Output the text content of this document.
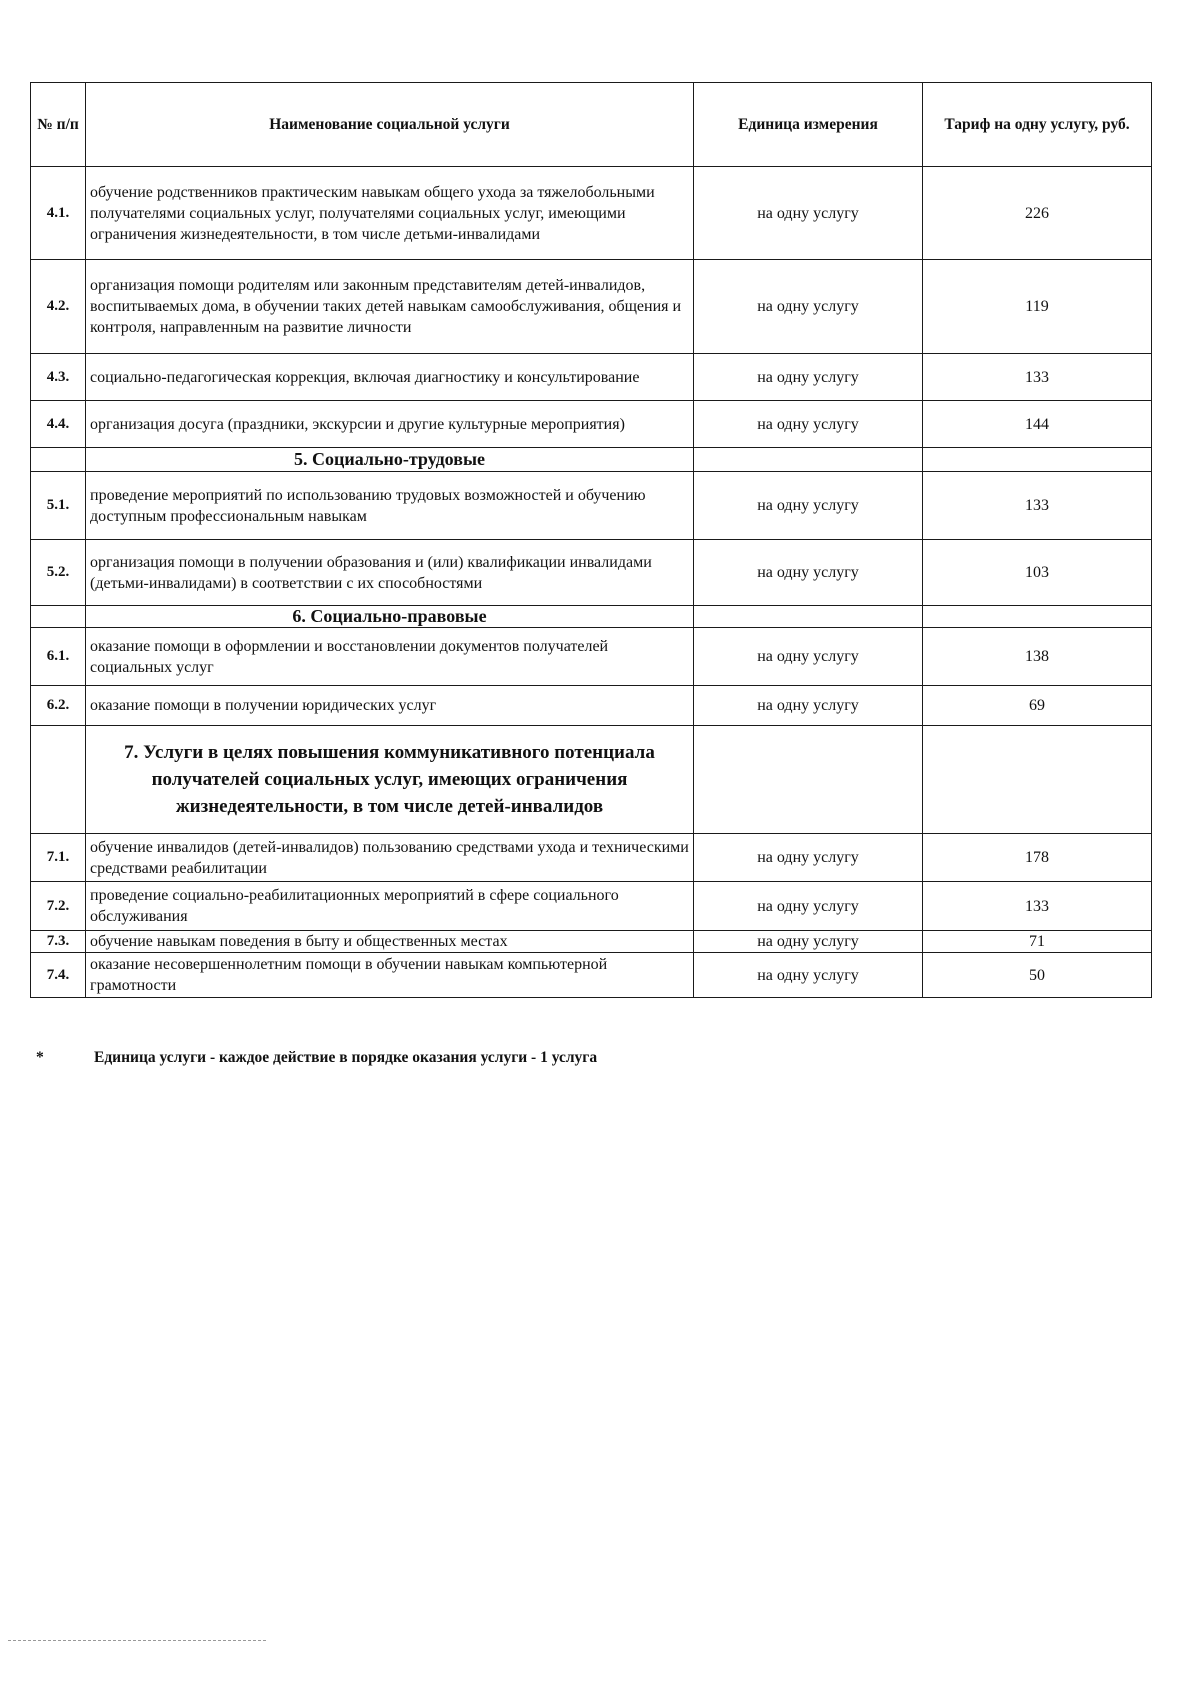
№ п/п	Наименование социальной услуги	Единица измерения	Тариф на одну услугу, руб.
4.1.	обучение родственников практическим навыкам общего ухода за тяжелобольными получателями социальных услуг, получателями социальных услуг, имеющими ограничения жизнедеятельности, в том числе детьми-инвалидами	на одну услугу	226
4.2.	организация помощи родителям или законным представителям детей-инвалидов, воспитываемых дома, в обучении таких детей навыкам самообслуживания, общения и контроля, направленным на развитие личности	на одну услугу	119
4.3.	социально-педагогическая коррекция, включая диагностику и консультирование	на одну услугу	133
4.4.	организация досуга (праздники, экскурсии и другие культурные мероприятия)	на одну услугу	144
	5. Социально-трудовые		
5.1.	проведение мероприятий по использованию трудовых возможностей и обучению доступным профессиональным навыкам	на одну услугу	133
5.2.	организация помощи в получении образования и (или) квалификации инвалидами (детьми-инвалидами) в соответствии с их способностями	на одну услугу	103
	6. Социально-правовые		
6.1.	оказание помощи в оформлении и восстановлении документов получателей социальных услуг	на одну услугу	138
6.2.	оказание помощи в получении юридических услуг	на одну услугу	69
	7. Услуги в целях повышения коммуникативного потенциала получателей социальных услуг, имеющих ограничения жизнедеятельности, в том числе детей-инвалидов		
7.1.	обучение инвалидов (детей-инвалидов) пользованию средствами ухода и техническими средствами реабилитации	на одну услугу	178
7.2.	проведение социально-реабилитационных мероприятий в сфере социального обслуживания	на одну услугу	133
7.3.	обучение навыкам поведения в быту и общественных местах	на одну услугу	71
7.4.	оказание несовершеннолетним помощи в обучении навыкам компьютерной грамотности	на одну услугу	50
*	Единица услуги - каждое действие в порядке оказания услуги - 1 услуга
